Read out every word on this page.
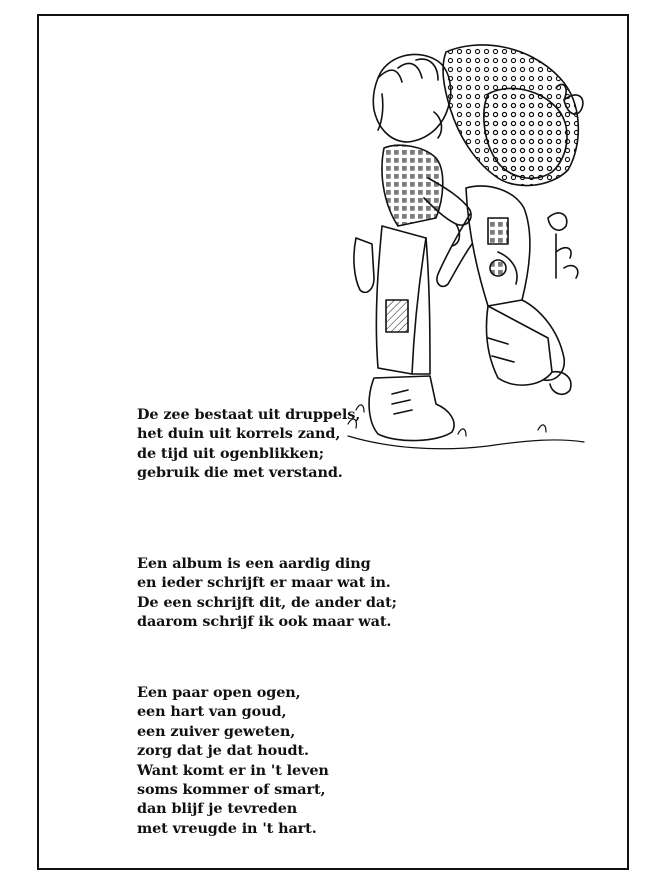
De zee bestaat uit druppels,
het duin uit korrels zand,
de tijd uit ogenblikken;
gebruik die met verstand.
Een album is een aardig ding
en ieder schrijft er maar wat in.
De een schrijft dit, de ander dat;
daarom schrijf ik ook maar wat.
Een paar open ogen,
een hart van goud,
een zuiver geweten,
zorg dat je dat houdt.
Want komt er in 't leven
soms kommer of smart,
dan blijf je tevreden
met vreugde in 't hart.
